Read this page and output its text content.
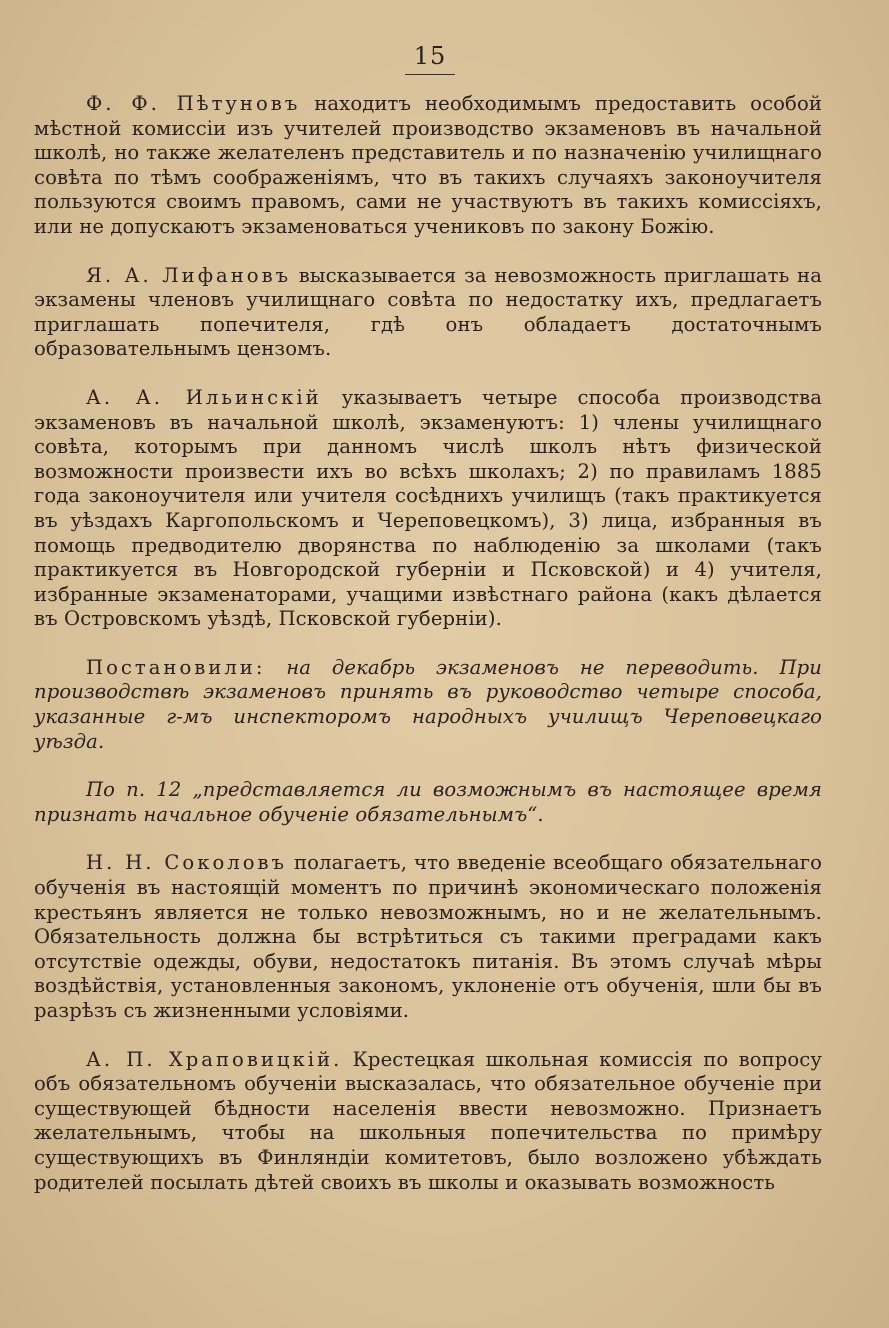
15

Ф. Ф. Пѣтуновъ находитъ необходимымъ предоставить особой мѣстной комиссіи изъ учителей производство экзаменовъ въ начальной школѣ, но также желателенъ представитель и по назначенію училищнаго совѣта по тѣмъ соображеніямъ, что въ такихъ случаяхъ законоучителя пользуются своимъ правомъ, сами не участвуютъ въ такихъ комиссіяхъ, или не допускаютъ экзаменоваться учениковъ по закону Божію.

Я. А. Лифановъ высказывается за невозможность приглашать на экзамены членовъ училищнаго совѣта по недостатку ихъ, предлагаетъ приглашать попечителя, гдѣ онъ обладаетъ достаточнымъ образовательнымъ цензомъ.

А. А. Ильинскій указываетъ четыре способа производства экзаменовъ въ начальной школѣ, экзаменуютъ: 1) члены училищнаго совѣта, которымъ при данномъ числѣ школъ нѣтъ физической возможности произвести ихъ во всѣхъ школахъ; 2) по правиламъ 1885 года законоучителя или учителя сосѣднихъ училищъ (такъ практикуется въ уѣздахъ Каргопольскомъ и Череповецкомъ), 3) лица, избранныя въ помощь предводителю дворянства по наблюденію за школами (такъ практикуется въ Новгородской губерніи и Псковской) и 4) учителя, избранные экзаменаторами, учащими извѣстнаго района (какъ дѣлается въ Островскомъ уѣздѣ, Псковской губерніи).

Постановили: на декабрь экзаменовъ не переводить. При производствѣ экзаменовъ принять въ руководство четыре способа, указанные г-мъ инспекторомъ народныхъ училищъ Череповецкаго уѣзда.

По п. 12 „представляется ли возможнымъ въ настоящее время признать начальное обученіе обязательнымъ“.

Н. Н. Соколовъ полагаетъ, что введеніе всеобщаго обязательнаго обученія въ настоящій моментъ по причинѣ экономическаго положенія крестьянъ является не только невозможнымъ, но и не желательнымъ. Обязательность должна бы встрѣтиться съ такими преградами какъ отсутствіе одежды, обуви, недостатокъ питанія. Въ этомъ случаѣ мѣры воздѣйствія, установленныя закономъ, уклоненіе отъ обученія, шли бы въ разрѣзъ съ жизненными условіями.

А. П. Храповицкій. Крестецкая школьная комиссія по вопросу объ обязательномъ обученіи высказалась, что обязательное обученіе при существующей бѣдности населенія ввести невозможно. Признаетъ желательнымъ, чтобы на школьныя попечительства по примѣру существующихъ въ Финляндіи комитетовъ, было возложено убѣждать родителей посылать дѣтей своихъ въ школы и оказывать возможность
